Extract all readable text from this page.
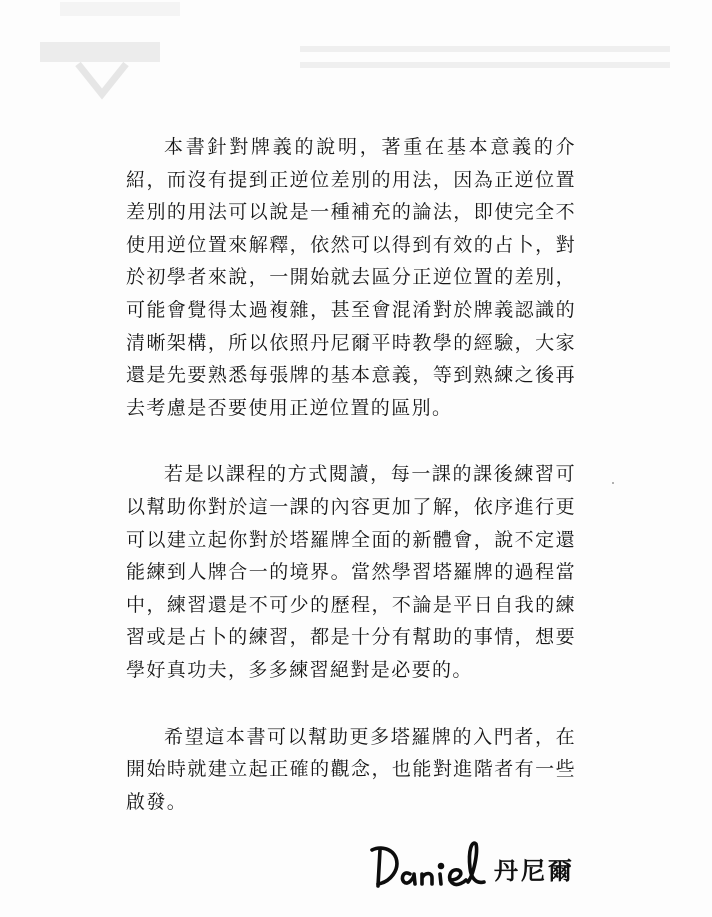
本書針對牌義的說明，著重在基本意義的介紹，而沒有提到正逆位差別的用法，因為正逆位置差別的用法可以說是一種補充的論法，即使完全不使用逆位置來解釋，依然可以得到有效的占卜，對於初學者來說，一開始就去區分正逆位置的差別，可能會覺得太過複雜，甚至會混淆對於牌義認識的清晰架構，所以依照丹尼爾平時教學的經驗，大家還是先要熟悉每張牌的基本意義，等到熟練之後再去考慮是否要使用正逆位置的區別。

若是以課程的方式閱讀，每一課的課後練習可以幫助你對於這一課的內容更加了解，依序進行更可以建立起你對於塔羅牌全面的新體會，說不定還能練到人牌合一的境界。當然學習塔羅牌的過程當中，練習還是不可少的歷程，不論是平日自我的練習或是占卜的練習，都是十分有幫助的事情，想要學好真功夫，多多練習絕對是必要的。

希望這本書可以幫助更多塔羅牌的入門者，在開始時就建立起正確的觀念，也能對進階者有一些啟發。

丹尼爾
